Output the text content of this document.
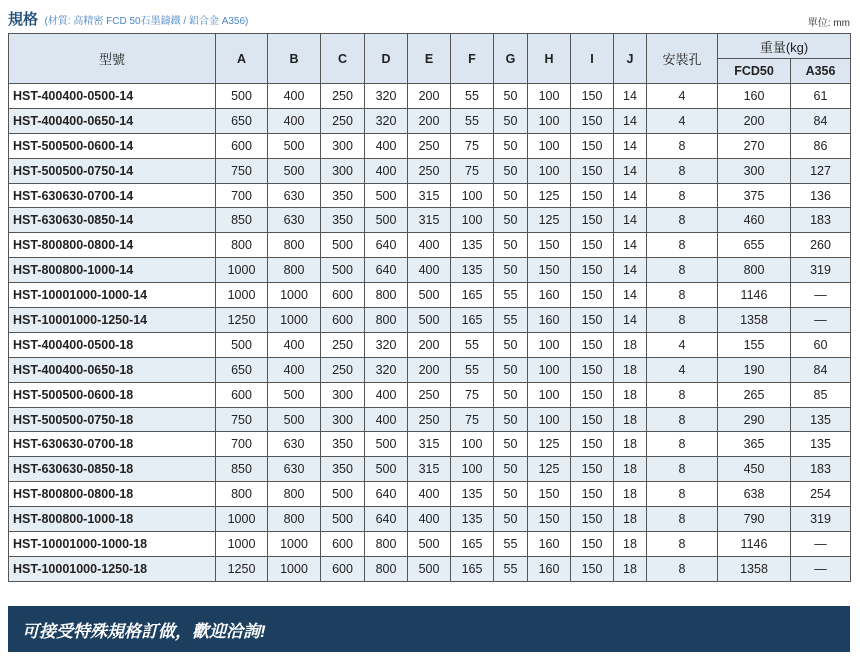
規格 (材質: 高精密 FCD 50石墨鑄鐵 / 鋁合金 A356)	單位: mm
型號	A	B	C	D	E	F	G	H	I	J	安裝孔	重量(kg)	
												FCD50	A356
HST-400400-0500-14	500	400	250	320	200	55	50	100	150	14	4	160	61
HST-400400-0650-14	650	400	250	320	200	55	50	100	150	14	4	200	84
HST-500500-0600-14	600	500	300	400	250	75	50	100	150	14	8	270	86
HST-500500-0750-14	750	500	300	400	250	75	50	100	150	14	8	300	127
HST-630630-0700-14	700	630	350	500	315	100	50	125	150	14	8	375	136
HST-630630-0850-14	850	630	350	500	315	100	50	125	150	14	8	460	183
HST-800800-0800-14	800	800	500	640	400	135	50	150	150	14	8	655	260
HST-800800-1000-14	1000	800	500	640	400	135	50	150	150	14	8	800	319
HST-10001000-1000-14	1000	1000	600	800	500	165	55	160	150	14	8	1146	—
HST-10001000-1250-14	1250	1000	600	800	500	165	55	160	150	14	8	1358	—
HST-400400-0500-18	500	400	250	320	200	55	50	100	150	18	4	155	60
HST-400400-0650-18	650	400	250	320	200	55	50	100	150	18	4	190	84
HST-500500-0600-18	600	500	300	400	250	75	50	100	150	18	8	265	85
HST-500500-0750-18	750	500	300	400	250	75	50	100	150	18	8	290	135
HST-630630-0700-18	700	630	350	500	315	100	50	125	150	18	8	365	135
HST-630630-0850-18	850	630	350	500	315	100	50	125	150	18	8	450	183
HST-800800-0800-18	800	800	500	640	400	135	50	150	150	18	8	638	254
HST-800800-1000-18	1000	800	500	640	400	135	50	150	150	18	8	790	319
HST-10001000-1000-18	1000	1000	600	800	500	165	55	160	150	18	8	1146	—
HST-10001000-1250-18	1250	1000	600	800	500	165	55	160	150	18	8	1358	—
可接受特殊規格訂做，歡迎洽詢!
